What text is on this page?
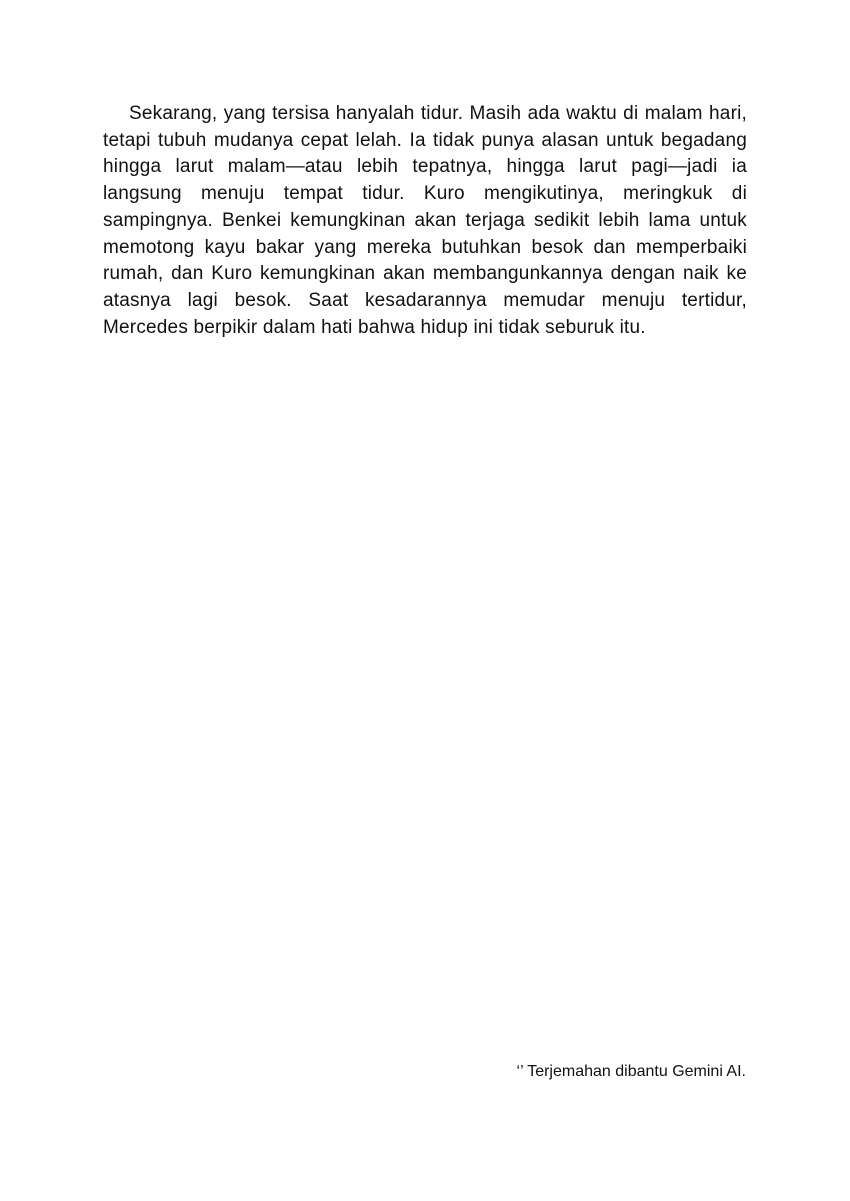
Sekarang, yang tersisa hanyalah tidur. Masih ada waktu di malam hari, tetapi tubuh mudanya cepat lelah. Ia tidak punya alasan untuk begadang hingga larut malam—atau lebih tepatnya, hingga larut pagi—jadi ia langsung menuju tempat tidur. Kuro mengikutinya, meringkuk di sampingnya. Benkei kemungkinan akan terjaga sedikit lebih lama untuk memotong kayu bakar yang mereka butuhkan besok dan memperbaiki rumah, dan Kuro kemungkinan akan membangunkannya dengan naik ke atasnya lagi besok. Saat kesadarannya memudar menuju tertidur, Mercedes berpikir dalam hati bahwa hidup ini tidak seburuk itu.

‘’ Terjemahan dibantu Gemini AI.
